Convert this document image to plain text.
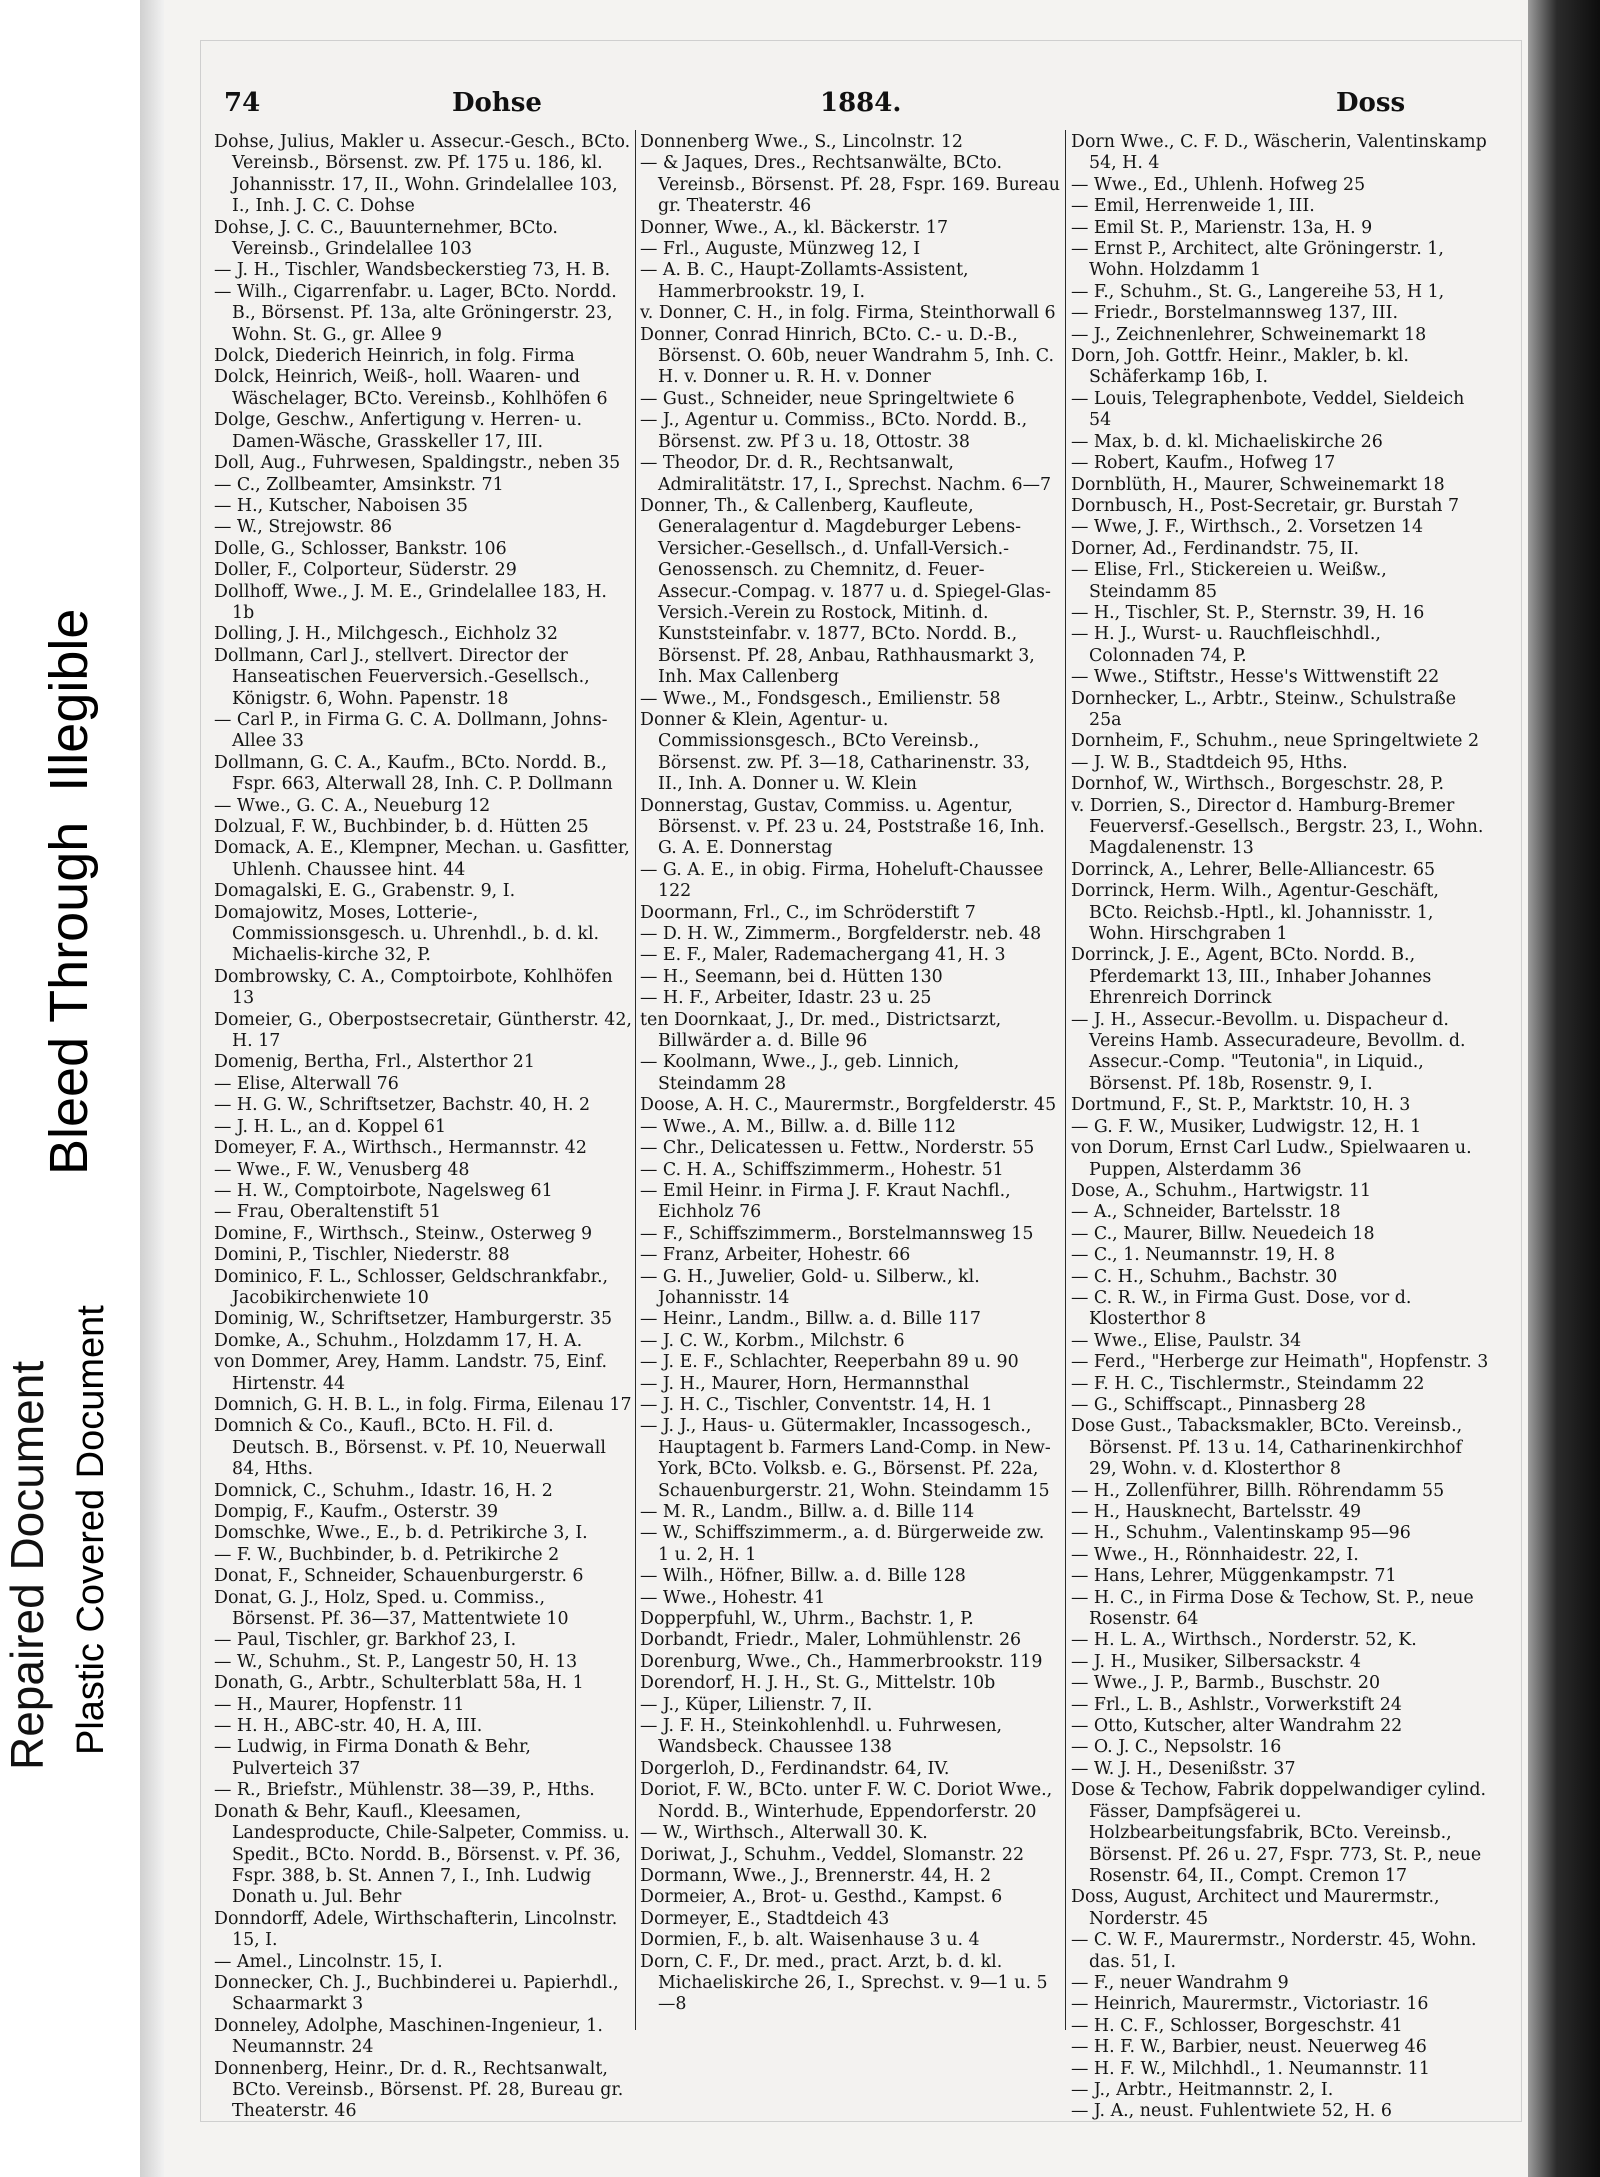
Bleed Through  Illegible
Repaired Document Plastic Covered Document
74	Dohse	1884.	Doss

Dohse, Julius, Makler u. Assecur.-Gesch., BCto. Vereinsb., Börsenst. zw. Pf. 175 u. 186, kl. Johannisstr. 17, II., Wohn. Grindelallee 103, I., Inh. J. C. C. Dohse

Dohse, J. C. C., Bauunternehmer, BCto. Vereinsb., Grindelallee 103

— J. H., Tischler, Wandsbeckerstieg 73, H. B.

— Wilh., Cigarrenfabr. u. Lager, BCto. Nordd. B., Börsenst. Pf. 13a, alte Gröningerstr. 23, Wohn. St. G., gr. Allee 9

Dolck, Diederich Heinrich, in folg. Firma

Dolck, Heinrich, Weiß-, holl. Waaren- und Wäschelager, BCto. Vereinsb., Kohlhöfen 6

Dolge, Geschw., Anfertigung v. Herren- u. Damen-Wäsche, Grasskeller 17, III.

Doll, Aug., Fuhrwesen, Spaldingstr., neben 35

— C., Zollbeamter, Amsinkstr. 71

— H., Kutscher, Naboisen 35

— W., Strejowstr. 86

Dolle, G., Schlosser, Bankstr. 106

Doller, F., Colporteur, Süderstr. 29

Dollhoff, Wwe., J. M. E., Grindelallee 183, H. 1b

Dolling, J. H., Milchgesch., Eichholz 32

Dollmann, Carl J., stellvert. Director der Hanseatischen Feuerversich.-Gesellsch., Königstr. 6, Wohn. Papenstr. 18

— Carl P., in Firma G. C. A. Dollmann, Johns-Allee 33

Dollmann, G. C. A., Kaufm., BCto. Nordd. B., Fspr. 663, Alterwall 28, Inh. C. P. Dollmann

— Wwe., G. C. A., Neueburg 12

Dolzual, F. W., Buchbinder, b. d. Hütten 25

Domack, A. E., Klempner, Mechan. u. Gasfitter, Uhlenh. Chaussee hint. 44

Domagalski, E. G., Grabenstr. 9, I.

Domajowitz, Moses, Lotterie-, Commissionsgesch. u. Uhrenhdl., b. d. kl. Michaelis-kirche 32, P.

Dombrowsky, C. A., Comptoirbote, Kohlhöfen 13

Domeier, G., Oberpostsecretair, Güntherstr. 42, H. 17

Domenig, Bertha, Frl., Alsterthor 21

— Elise, Alterwall 76

— H. G. W., Schriftsetzer, Bachstr. 40, H. 2

— J. H. L., an d. Koppel 61

Domeyer, F. A., Wirthsch., Hermannstr. 42

— Wwe., F. W., Venusberg 48

— H. W., Comptoirbote, Nagelsweg 61

— Frau, Oberaltenstift 51

Domine, F., Wirthsch., Steinw., Osterweg 9

Domini, P., Tischler, Niederstr. 88

Dominico, F. L., Schlosser, Geldschrankfabr., Jacobikirchenwiete 10

Dominig, W., Schriftsetzer, Hamburgerstr. 35

Domke, A., Schuhm., Holzdamm 17, H. A.

von Dommer, Arey, Hamm. Landstr. 75, Einf. Hirtenstr. 44

Domnich, G. H. B. L., in folg. Firma, Eilenau 17

Domnich & Co., Kaufl., BCto. H. Fil. d. Deutsch. B., Börsenst. v. Pf. 10, Neuerwall 84, Hths.

Domnick, C., Schuhm., Idastr. 16, H. 2

Dompig, F., Kaufm., Osterstr. 39

Domschke, Wwe., E., b. d. Petrikirche 3, I.

— F. W., Buchbinder, b. d. Petrikirche 2

Donat, F., Schneider, Schauenburgerstr. 6

Donat, G. J., Holz, Sped. u. Commiss., Börsenst. Pf. 36—37, Mattentwiete 10

— Paul, Tischler, gr. Barkhof 23, I.

— W., Schuhm., St. P., Langestr 50, H. 13

Donath, G., Arbtr., Schulterblatt 58a, H. 1

— H., Maurer, Hopfenstr. 11

— H. H., ABC-str. 40, H. A, III.

— Ludwig, in Firma Donath & Behr, Pulverteich 37

— R., Briefstr., Mühlenstr. 38—39, P., Hths.

Donath & Behr, Kaufl., Kleesamen, Landesproducte, Chile-Salpeter, Commiss. u. Spedit., BCto. Nordd. B., Börsenst. v. Pf. 36, Fspr. 388, b. St. Annen 7, I., Inh. Ludwig Donath u. Jul. Behr

Donndorff, Adele, Wirthschafterin, Lincolnstr. 15, I.

— Amel., Lincolnstr. 15, I.

Donnecker, Ch. J., Buchbinderei u. Papierhdl., Schaarmarkt 3

Donneley, Adolphe, Maschinen-Ingenieur, 1. Neumannstr. 24

Donnenberg, Heinr., Dr. d. R., Rechtsanwalt, BCto. Vereinsb., Börsenst. Pf. 28, Bureau gr. Theaterstr. 46

Donnenberg Wwe., S., Lincolnstr. 12

— & Jaques, Dres., Rechtsanwälte, BCto. Vereinsb., Börsenst. Pf. 28, Fspr. 169. Bureau gr. Theaterstr. 46

Donner, Wwe., A., kl. Bäckerstr. 17

— Frl., Auguste, Münzweg 12, I

— A. B. C., Haupt-Zollamts-Assistent, Hammerbrookstr. 19, I.

v. Donner, C. H., in folg. Firma, Steinthorwall 6

Donner, Conrad Hinrich, BCto. C.- u. D.-B., Börsenst. O. 60b, neuer Wandrahm 5, Inh. C. H. v. Donner u. R. H. v. Donner

— Gust., Schneider, neue Springeltwiete 6

— J., Agentur u. Commiss., BCto. Nordd. B., Börsenst. zw. Pf 3 u. 18, Ottostr. 38

— Theodor, Dr. d. R., Rechtsanwalt, Admiralitätstr. 17, I., Sprechst. Nachm. 6—7

Donner, Th., & Callenberg, Kaufleute, Generalagentur d. Magdeburger Lebens-Versicher.-Gesellsch., d. Unfall-Versich.-Genossensch. zu Chemnitz, d. Feuer-Assecur.-Compag. v. 1877 u. d. Spiegel-Glas-Versich.-Verein zu Rostock, Mitinh. d. Kunststeinfabr. v. 1877, BCto. Nordd. B., Börsenst. Pf. 28, Anbau, Rathhausmarkt 3, Inh. Max Callenberg

— Wwe., M., Fondsgesch., Emilienstr. 58

Donner & Klein, Agentur- u. Commissionsgesch., BCto Vereinsb., Börsenst. zw. Pf. 3—18, Catharinenstr. 33, II., Inh. A. Donner u. W. Klein

Donnerstag, Gustav, Commiss. u. Agentur, Börsenst. v. Pf. 23 u. 24, Poststraße 16, Inh. G. A. E. Donnerstag

— G. A. E., in obig. Firma, Hoheluft-Chaussee 122

Doormann, Frl., C., im Schröderstift 7

— D. H. W., Zimmerm., Borgfelderstr. neb. 48

— E. F., Maler, Rademachergang 41, H. 3

— H., Seemann, bei d. Hütten 130

— H. F., Arbeiter, Idastr. 23 u. 25

ten Doornkaat, J., Dr. med., Districtsarzt, Billwärder a. d. Bille 96

— Koolmann, Wwe., J., geb. Linnich, Steindamm 28

Doose, A. H. C., Maurermstr., Borgfelderstr. 45

— Wwe., A. M., Billw. a. d. Bille 112

— Chr., Delicatessen u. Fettw., Norderstr. 55

— C. H. A., Schiffszimmerm., Hohestr. 51

— Emil Heinr. in Firma J. F. Kraut Nachfl., Eichholz 76

— F., Schiffszimmerm., Borstelmannsweg 15

— Franz, Arbeiter, Hohestr. 66

— G. H., Juwelier, Gold- u. Silberw., kl. Johannisstr. 14

— Heinr., Landm., Billw. a. d. Bille 117

— J. C. W., Korbm., Milchstr. 6

— J. E. F., Schlachter, Reeperbahn 89 u. 90

— J. H., Maurer, Horn, Hermannsthal

— J. H. C., Tischler, Conventstr. 14, H. 1

— J. J., Haus- u. Gütermakler, Incassogesch., Hauptagent b. Farmers Land-Comp. in New-York, BCto. Volksb. e. G., Börsenst. Pf. 22a, Schauenburgerstr. 21, Wohn. Steindamm 15

— M. R., Landm., Billw. a. d. Bille 114

— W., Schiffszimmerm., a. d. Bürgerweide zw. 1 u. 2, H. 1

— Wilh., Höfner, Billw. a. d. Bille 128

— Wwe., Hohestr. 41

Dopperpfuhl, W., Uhrm., Bachstr. 1, P.

Dorbandt, Friedr., Maler, Lohmühlenstr. 26

Dorenburg, Wwe., Ch., Hammerbrookstr. 119

Dorendorf, H. J. H., St. G., Mittelstr. 10b

— J., Küper, Lilienstr. 7, II.

— J. F. H., Steinkohlenhdl. u. Fuhrwesen, Wandsbeck. Chaussee 138

Dorgerloh, D., Ferdinandstr. 64, IV.

Doriot, F. W., BCto. unter F. W. C. Doriot Wwe., Nordd. B., Winterhude, Eppendorferstr. 20

— W., Wirthsch., Alterwall 30. K.

Doriwat, J., Schuhm., Veddel, Slomanstr. 22

Dormann, Wwe., J., Brennerstr. 44, H. 2

Dormeier, A., Brot- u. Gesthd., Kampst. 6

Dormeyer, E., Stadtdeich 43

Dormien, F., b. alt. Waisenhause 3 u. 4

Dorn, C. F., Dr. med., pract. Arzt, b. d. kl. Michaeliskirche 26, I., Sprechst. v. 9—1 u. 5—8

Dorn Wwe., C. F. D., Wäscherin, Valentinskamp 54, H. 4

— Wwe., Ed., Uhlenh. Hofweg 25

— Emil, Herrenweide 1, III.

— Emil St. P., Marienstr. 13a, H. 9

— Ernst P., Architect, alte Gröningerstr. 1, Wohn. Holzdamm 1

— F., Schuhm., St. G., Langereihe 53, H 1,

— Friedr., Borstelmannsweg 137, III.

— J., Zeichnenlehrer, Schweinemarkt 18

Dorn, Joh. Gottfr. Heinr., Makler, b. kl. Schäferkamp 16b, I.

— Louis, Telegraphenbote, Veddel, Sieldeich 54

— Max, b. d. kl. Michaeliskirche 26

— Robert, Kaufm., Hofweg 17

Dornblüth, H., Maurer, Schweinemarkt 18

Dornbusch, H., Post-Secretair, gr. Burstah 7

— Wwe, J. F., Wirthsch., 2. Vorsetzen 14

Dorner, Ad., Ferdinandstr. 75, II.

— Elise, Frl., Stickereien u. Weißw., Steindamm 85

— H., Tischler, St. P., Sternstr. 39, H. 16

— H. J., Wurst- u. Rauchfleischhdl., Colonnaden 74, P.

— Wwe., Stiftstr., Hesse's Wittwenstift 22

Dornhecker, L., Arbtr., Steinw., Schulstraße 25a

Dornheim, F., Schuhm., neue Springeltwiete 2

— J. W. B., Stadtdeich 95, Hths.

Dornhof, W., Wirthsch., Borgeschstr. 28, P.

v. Dorrien, S., Director d. Hamburg-Bremer Feuerversf.-Gesellsch., Bergstr. 23, I., Wohn. Magdalenenstr. 13

Dorrinck, A., Lehrer, Belle-Alliancestr. 65

Dorrinck, Herm. Wilh., Agentur-Geschäft, BCto. Reichsb.-Hptl., kl. Johannisstr. 1, Wohn. Hirschgraben 1

Dorrinck, J. E., Agent, BCto. Nordd. B., Pferdemarkt 13, III., Inhaber Johannes Ehrenreich Dorrinck

— J. H., Assecur.-Bevollm. u. Dispacheur d. Vereins Hamb. Assecuradeure, Bevollm. d. Assecur.-Comp. "Teutonia", in Liquid., Börsenst. Pf. 18b, Rosenstr. 9, I.

Dortmund, F., St. P., Marktstr. 10, H. 3

— G. F. W., Musiker, Ludwigstr. 12, H. 1

von Dorum, Ernst Carl Ludw., Spielwaaren u. Puppen, Alsterdamm 36

Dose, A., Schuhm., Hartwigstr. 11

— A., Schneider, Bartelsstr. 18

— C., Maurer, Billw. Neuedeich 18

— C., 1. Neumannstr. 19, H. 8

— C. H., Schuhm., Bachstr. 30

— C. R. W., in Firma Gust. Dose, vor d. Klosterthor 8

— Wwe., Elise, Paulstr. 34

— Ferd., "Herberge zur Heimath", Hopfenstr. 3

— F. H. C., Tischlermstr., Steindamm 22

— G., Schiffscapt., Pinnasberg 28

Dose Gust., Tabacksmakler, BCto. Vereinsb., Börsenst. Pf. 13 u. 14, Catharinenkirchhof 29, Wohn. v. d. Klosterthor 8

— H., Zollenführer, Billh. Röhrendamm 55

— H., Hausknecht, Bartelsstr. 49

— H., Schuhm., Valentinskamp 95—96

— Wwe., H., Rönnhaidestr. 22, I.

— Hans, Lehrer, Müggenkampstr. 71

— H. C., in Firma Dose & Techow, St. P., neue Rosenstr. 64

— H. L. A., Wirthsch., Norderstr. 52, K.

— J. H., Musiker, Silbersackstr. 4

— Wwe., J. P., Barmb., Buschstr. 20

— Frl., L. B., Ashlstr., Vorwerkstift 24

— Otto, Kutscher, alter Wandrahm 22

— O. J. C., Nepsolstr. 16

— W. J. H., Desenißstr. 37

Dose & Techow, Fabrik doppelwandiger cylind. Fässer, Dampfsägerei u. Holzbearbeitungsfabrik, BCto. Vereinsb., Börsenst. Pf. 26 u. 27, Fspr. 773, St. P., neue Rosenstr. 64, II., Compt. Cremon 17

Doss, August, Architect und Maurermstr., Norderstr. 45

— C. W. F., Maurermstr., Norderstr. 45, Wohn. das. 51, I.

— F., neuer Wandrahm 9

— Heinrich, Maurermstr., Victoriastr. 16

— H. C. F., Schlosser, Borgeschstr. 41

— H. F. W., Barbier, neust. Neuerweg 46

— H. F. W., Milchhdl., 1. Neumannstr. 11

— J., Arbtr., Heitmannstr. 2, I.

— J. A., neust. Fuhlentwiete 52, H. 6
